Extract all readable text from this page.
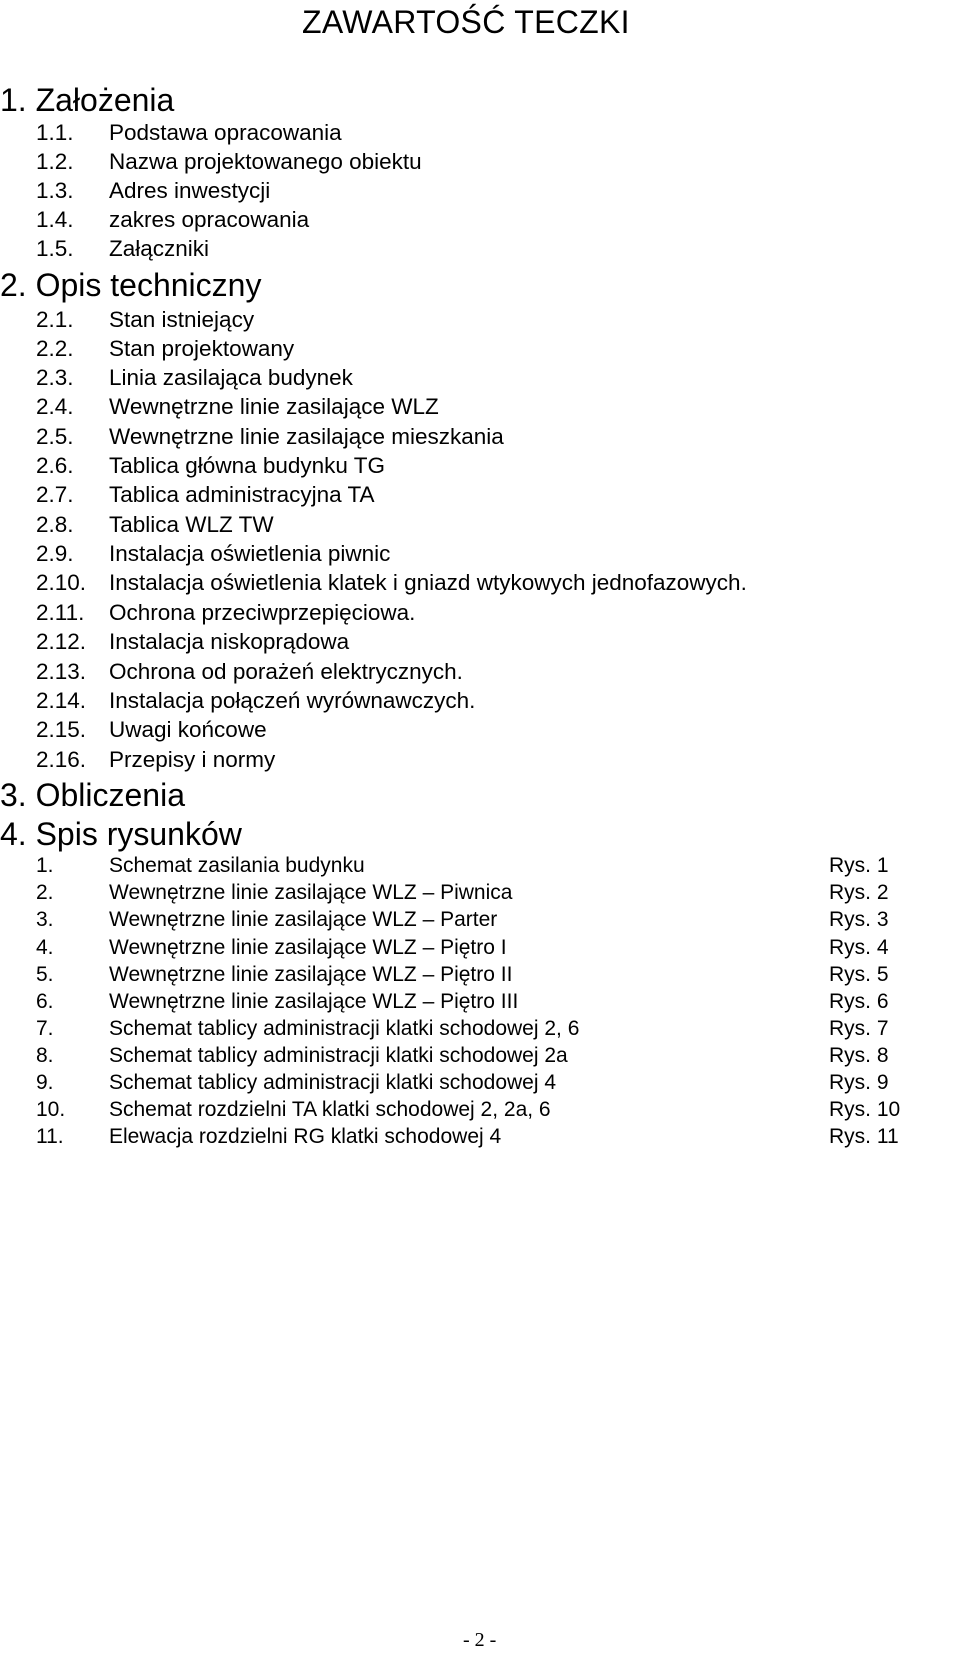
ZAWARTOŚĆ TECZKI
1. Założenia
1.1. Podstawa opracowania
1.2. Nazwa projektowanego obiektu
1.3. Adres inwestycji
1.4. zakres opracowania
1.5. Załączniki
2. Opis techniczny
2.1. Stan istniejący
2.2. Stan projektowany
2.3. Linia zasilająca budynek
2.4. Wewnętrzne linie zasilające WLZ
2.5. Wewnętrzne linie zasilające mieszkania
2.6. Tablica główna budynku TG
2.7. Tablica administracyjna TA
2.8. Tablica WLZ TW
2.9. Instalacja oświetlenia piwnic
2.10. Instalacja oświetlenia klatek i gniazd wtykowych jednofazowych.
2.11. Ochrona przeciwprzepięciowa.
2.12. Instalacja niskoprądowa
2.13. Ochrona od porażeń elektrycznych.
2.14. Instalacja połączeń wyrównawczych.
2.15. Uwagi końcowe
2.16. Przepisy i normy
3. Obliczenia
4. Spis rysunków
1.	Schemat zasilania budynku	Rys. 1
2.	Wewnętrzne linie zasilające WLZ – Piwnica	Rys. 2
3.	Wewnętrzne linie zasilające WLZ – Parter	Rys. 3
4.	Wewnętrzne linie zasilające WLZ – Piętro I	Rys. 4
5.	Wewnętrzne linie zasilające WLZ – Piętro II	Rys. 5
6.	Wewnętrzne linie zasilające WLZ – Piętro III	Rys. 6
7.	Schemat tablicy administracji klatki schodowej 2, 6	Rys. 7
8.	Schemat tablicy administracji klatki schodowej 2a	Rys. 8
9.	Schemat tablicy administracji klatki schodowej 4	Rys. 9
10. Schemat rozdzielni TA klatki schodowej 2, 2a, 6	Rys. 10
11. Elewacja rozdzielni RG klatki schodowej 4	Rys. 11
- 2 -
